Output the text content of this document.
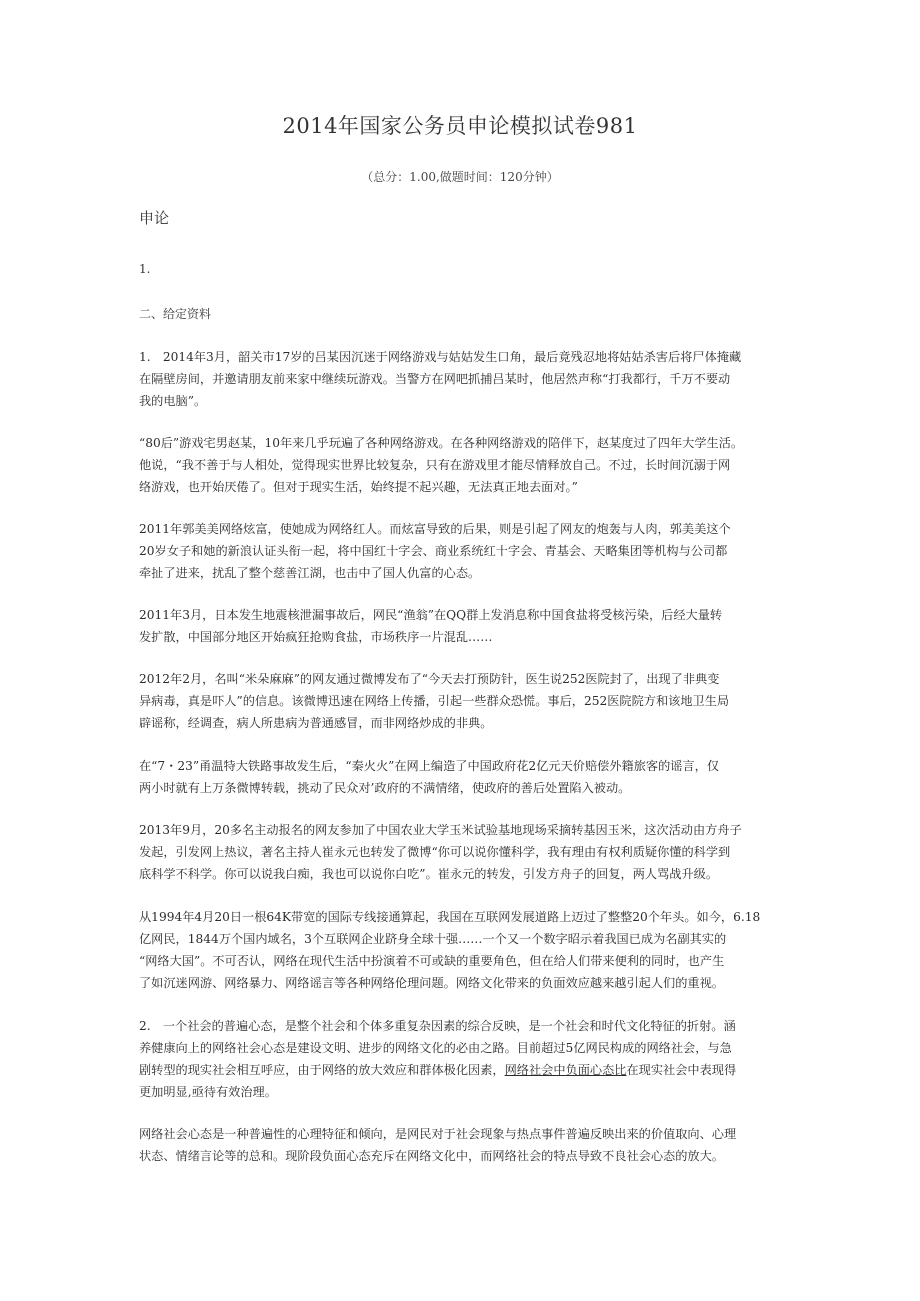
2014年国家公务员申论模拟试卷981
（总分：1.00,做题时间：120分钟）
申论
1.
二、给定资料
1.　2014年3月，韶关市17岁的吕某因沉迷于网络游戏与姑姑发生口角，最后竟残忍地将姑姑杀害后将尸体掩藏
在隔壁房间，并邀请朋友前来家中继续玩游戏。当警方在网吧抓捕吕某时，他居然声称“打我都行，千万不要动
我的电脑”。
“80后”游戏宅男赵某，10年来几乎玩遍了各种网络游戏。在各种网络游戏的陪伴下，赵某度过了四年大学生活。
他说，“我不善于与人相处，觉得现实世界比较复杂，只有在游戏里才能尽情释放自己。不过，长时间沉溺于网
络游戏，也开始厌倦了。但对于现实生活，始终提不起兴趣，无法真正地去面对。”
2011年郭美美网络炫富，使她成为网络红人。而炫富导致的后果，则是引起了网友的炮轰与人肉，郭美美这个
20岁女子和她的新浪认证头衔一起，将中国红十字会、商业系统红十字会、青基会、天略集团等机构与公司都
牵扯了进来，扰乱了整个慈善江湖，也击中了国人仇富的心态。
2011年3月，日本发生地震核泄漏事故后，网民“渔翁”在QQ群上发消息称中国食盐将受核污染，后经大量转
发扩散，中国部分地区开始疯狂抢购食盐，市场秩序一片混乱……
2012年2月，名叫“米朵麻麻”的网友通过微博发布了“今天去打预防针，医生说252医院封了，出现了非典变
异病毒，真是吓人”的信息。该微博迅速在网络上传播，引起一些群众恐慌。事后，252医院院方和该地卫生局
辟谣称，经调查，病人所患病为普通感冒，而非网络炒成的非典。
在“7・23”甬温特大铁路事故发生后，“秦火火”在网上编造了中国政府花2亿元天价赔偿外籍旅客的谣言，仅
两小时就有上万条微博转载，挑动了民众对’政府的不满情绪，使政府的善后处置陷入被动。
2013年9月，20多名主动报名的网友参加了中国农业大学玉米试验基地现场采摘转基因玉米，这次活动由方舟子
发起，引发网上热议，著名主持人崔永元也转发了微博“你可以说你懂科学，我有理由有权利质疑你懂的科学到
底科学不科学。你可以说我白痴，我也可以说你白吃”。崔永元的转发，引发方舟子的回复，两人骂战升级。
从1994年4月20日一根64K带宽的国际专线接通算起，我国在互联网发展道路上迈过了整整20个年头。如今，6.18
亿网民，1844万个国内域名，3个互联网企业跻身全球十强……一个又一个数字昭示着我国已成为名副其实的
“网络大国”。不可否认，网络在现代生活中扮演着不可或缺的重要角色，但在给人们带来便利的同时，也产生
了如沉迷网游、网络暴力、网络谣言等各种网络伦理问题。网络文化带来的负面效应越来越引起人们的重视。
2.　一个社会的普遍心态，是整个社会和个体多重复杂因素的综合反映，是一个社会和时代文化特征的折射。涵
养健康向上的网络社会心态是建设文明、进步的网络文化的必由之路。目前超过5亿网民构成的网络社会，与急
剧转型的现实社会相互呼应，由于网络的放大效应和群体极化因素，网络社会中负面心态比在现实社会中表现得
更加明显,亟待有效治理。
网络社会心态是一种普遍性的心理特征和倾向，是网民对于社会现象与热点事件普遍反映出来的价值取向、心理
状态、情绪言论等的总和。现阶段负面心态充斥在网络文化中，而网络社会的特点导致不良社会心态的放大。
